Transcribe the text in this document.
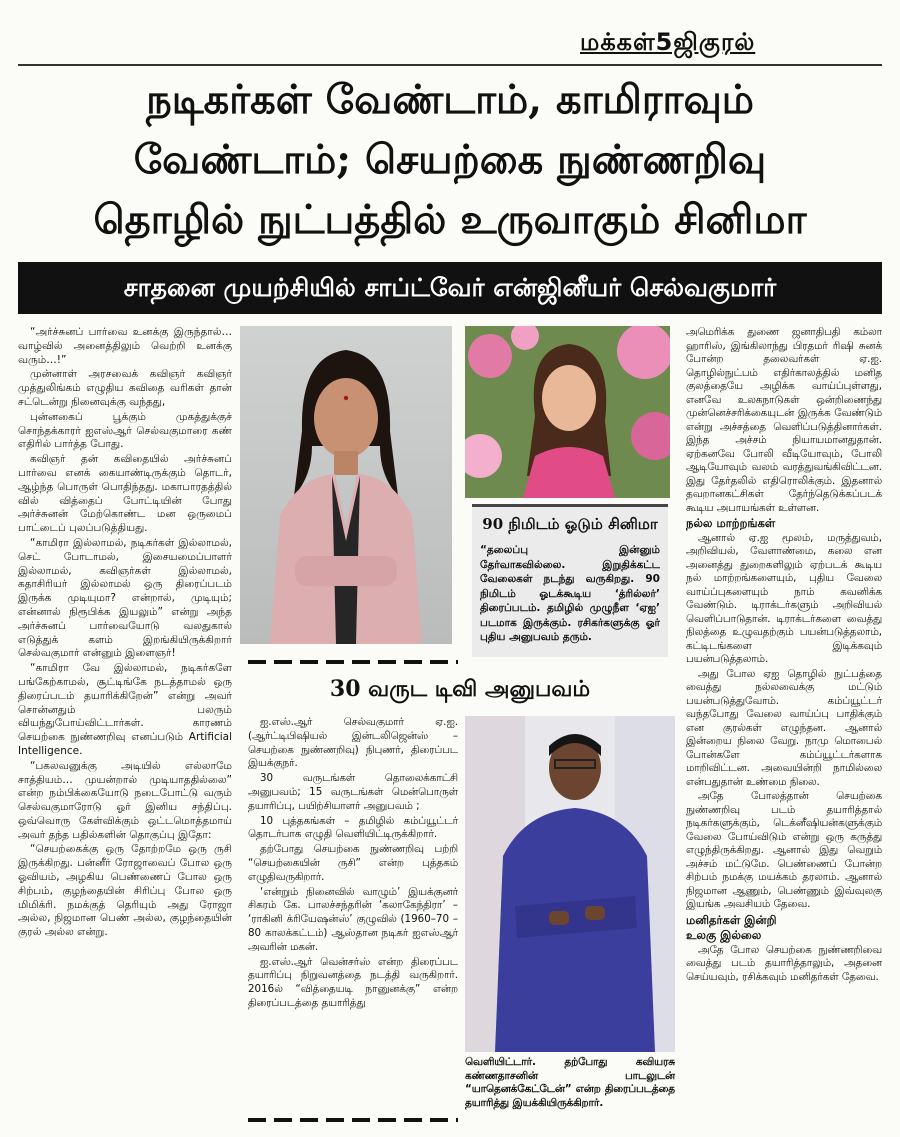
மக்கள்5ஜிகுரல்
நடிகர்கள் வேண்டாம், காமிராவும்
வேண்டாம்; செயற்கை நுண்ணறிவு
தொழில் நுட்பத்தில் உருவாகும் சினிமா
சாதனை முயற்சியில் சாப்ட்வேர் என்ஜினீயர் செல்வகுமார்

“அர்ச்சுனப் பார்வை உனக்கு இருந்தால்… வாழ்வில் அனைத்திலும் வெற்றி உனக்கு வரும்…!”

முன்னாள் அரசவைக் கவிஞர் கவிஞர் முத்துலிங்கம் எழுதிய கவிதை வரிகள் தான் சட்டென்று நினைவுக்கு வந்தது,

புன்னகைப் பூக்கும் முகத்துக்குச் சொந்தக்காரர் ஐஎஸ்ஆர் செல்வகுமாரை கண் எதிரில் பார்த்த போது.

கவிஞர் தன் கவிதையில் அர்ச்சுனப் பார்வை எனக் கையாண்டிருக்கும் தொடர், ஆழ்ந்த பொருள் பொதிந்தது. மகாபாரதத்தில் வில் வித்தைப் போட்டியின் போது அர்ச்சுனன் மேற்கொண்ட மன ஒருமைப் பாட்டைப் புலப்படுத்தியது.

“காமிரா இல்லாமல், நடிகர்கள் இல்லாமல், செட் போடாமல், இசையமைப்பாளர் இல்லாமல், கவிஞர்கள் இல்லாமல், கதாசிரியர் இல்லாமல் ஒரு திரைப்படம் இருக்க முடியுமா? என்றால், முடியும்; என்னால் நிரூபிக்க இயலும்” என்று அந்த அர்ச்சுனப் பார்வையோடு வலதுகால் எடுத்துக் களம் இறங்கியிருக்கிறார் செல்வகுமார் என்னும் இளைஞர்!

“காமிரா வே இல்லாமல், நடிகர்களே பங்கேற்காமல், சூட்டிங்கே நடத்தாமல் ஒரு திரைப்படம் தயாரிக்கிறேன்” என்று அவர் சொன்னதும் பலரும் வியந்துபோய்விட்டார்கள். காரணம் செயற்கை நுண்ணறிவு எனப்படும் Artificial Intelligence.

“பகலவனுக்கு அடியில் எல்லாமே சாத்தியம்… முயன்றால் முடியாததில்லை” என்ற நம்பிக்கையோடு நடைபோட்டு வரும் செல்வகுமாரோடு ஓர் இனிய சந்திப்பு. ஒவ்வொரு கேள்விக்கும் ஒட்டமொத்தமாய் அவர் தந்த பதில்களின் தொகுப்பு இதோ:

“செயற்கைக்கு ஒரு தோற்றமே ஒரு ருசி இருக்கிறது. பன்னீர் ரோஜாவைப் போல ஒரு ஓவியம், அழகிய பெண்ணைப் போல ஒரு சிற்பம், குழந்தையின் சிரிப்பு போல ஒரு மிமிக்ரி. நமக்குத் தெரியும் அது ரோஜா அல்ல, நிஜமான பெண் அல்ல, குழந்தையின் குரல் அல்ல என்று.

90 நிமிடம் ஓடும் சினிமா
“தலைப்பு இன்னும் தேர்வாகவில்லை. இறுதிக்கட்ட வேலைகள் நடந்து வருகிறது. 90 நிமிடம் ஓடக்கூடிய ‘த்ரில்லர்’ திரைப்படம். தமிழில் முழுநீள ‘ஏஐ’ படமாக இருக்கும். ரசிகர்களுக்கு ஓர் புதிய அனுபவம் தரும்.
30 வருட டிவி அனுபவம்

ஐ.எஸ்.ஆர் செல்வகுமார் ஏ.ஐ. (ஆர்ட்டிபிஷியல் இன்டலிஜென்ஸ் – செயற்கை நுண்ணறிவு) நிபுணர், திரைப்பட இயக்குநர்.

30 வருடங்கள் தொலைக்காட்சி அனுபவம்; 15 வருடங்கள் மென்பொருள் தயாரிப்பு, பயிற்சியாளர் அனுபவம் ;

10 புத்தகங்கள் – தமிழில் கம்ப்யூட்டர் தொடர்பாக எழுதி வெளியிட்டிருக்கிறார்.

தற்போது செயற்கை நுண்ணறிவு பற்றி “செயற்கையின் ருசி” என்ற புத்தகம் எழுதிவருகிறார்.

‘என்றும் நினைவில் வாழும்’ இயக்குனர் சிகரம் கே. பாலச்சந்தரின் ‘கலாகேந்திரா’ – ‘ராகினி க்ரியேஷன்ஸ்’ குழுவில் (1960–70 – 80 காலக்கட்டம்) ஆஸ்தான நடிகர் ஐஎஸ்ஆர் அவரின் மகன்.

ஐ.எஸ்.ஆர் வென்சர்ஸ் என்ற திரைப்பட தயாரிப்பு நிறுவனத்தை நடத்தி வருகிறார். 2016ல் “வித்தையடி நானுனக்கு” என்ற திரைப்படத்தை தயாரித்து

வெளியிட்டார். தற்போது கவியரசு கண்ணதாசனின் பாடலுடன் “யாதெனக்கேட்டேன்” என்ற திரைப்படத்தை தயாரித்து இயக்கியிருக்கிறார்.

அமெரிக்க துணை ஜனாதிபதி கம்லா ஹாரிஸ், இங்கிலாந்து பிரதமர் ரிஷி சுனக் போன்ற தலைவர்கள் ஏ.ஐ. தொழில்நுட்பம் எதிர்காலத்தில் மனித குலத்தையே அழிக்க வாய்ப்புள்ளது, எனவே உலகநாடுகள் ஒன்றிணைந்து முன்னெச்சரிக்கையுடன் இருக்க வேண்டும் என்று அச்சத்தை வெளிப்படுத்தினார்கள். இந்த அச்சம் நியாயமானதுதான். ஏற்கனவே போலி வீடியோவும், போலி ஆடியோவும் வலம் வரத்துவங்கிவிட்டன. இது தேர்தலில் எதிரொலிக்கும். இதனால் தவறானகட்சிகள் தேர்ந்தெடுக்கப்படக் கூடிய அபாயங்கள் உள்ளன.

நல்ல மாற்றங்கள்

ஆனால் ஏ.ஐ மூலம், மருத்துவம், அறிவியல், வேளாண்மை, கலை என அனைத்து துறைகளிலும் ஏற்படக் கூடிய நல் மாற்றங்களையும், புதிய வேலை வாய்ப்புகளையும் நாம் கவனிக்க வேண்டும். டிராக்டர்களும் அறிவியல் வெளிப்பாடுதான். டிராக்டர்களை வைத்து நிலத்தை உழுவதற்கும் பயன்படுத்தலாம், கட்டிடங்களை இடிக்கவும் பயன்படுத்தலாம்.

அது போல ஏஐ தொழில் நுட்பத்தை வைத்து நல்லவைக்கு மட்டும் பயன்படுத்துவோம். கம்ப்யூட்டர் வந்தபோது வேலை வாய்ப்பு பாதிக்கும் என குரல்கள் எழுந்தன. ஆனால் இன்றைய நிலை வேறு. நாமு மொபைல் போன்களே கம்ப்யூட்டர்களாக மாறிவிட்டன. அவையின்றி நாமில்லை என்பதுதான் உண்மை நிலை.

அதே போலத்தான் செயற்கை நுண்ணறிவு படம் தயாரித்தால் நடிகர்களுக்கும், டெக்னீஷியன்களுக்கும் வேலை போய்விடும் என்று ஒரு கருத்து எழுந்திருக்கிறது. ஆனால் இது வெறும் அச்சம் மட்டுமே. பெண்ணைப் போன்ற சிற்பம் நமக்கு மயக்கம் தரலாம். ஆனால் நிஜமான ஆணும், பெண்ணும் இவ்வுலகு இயங்க அவசியம் தேவை.

மனிதர்கள் இன்றி
உலகு இல்லை

அதே போல செயற்கை நுண்ணறிவை வைத்து படம் தயாரித்தாலும், அதனை செய்யவும், ரசிக்கவும் மனிதர்கள் தேவை.
